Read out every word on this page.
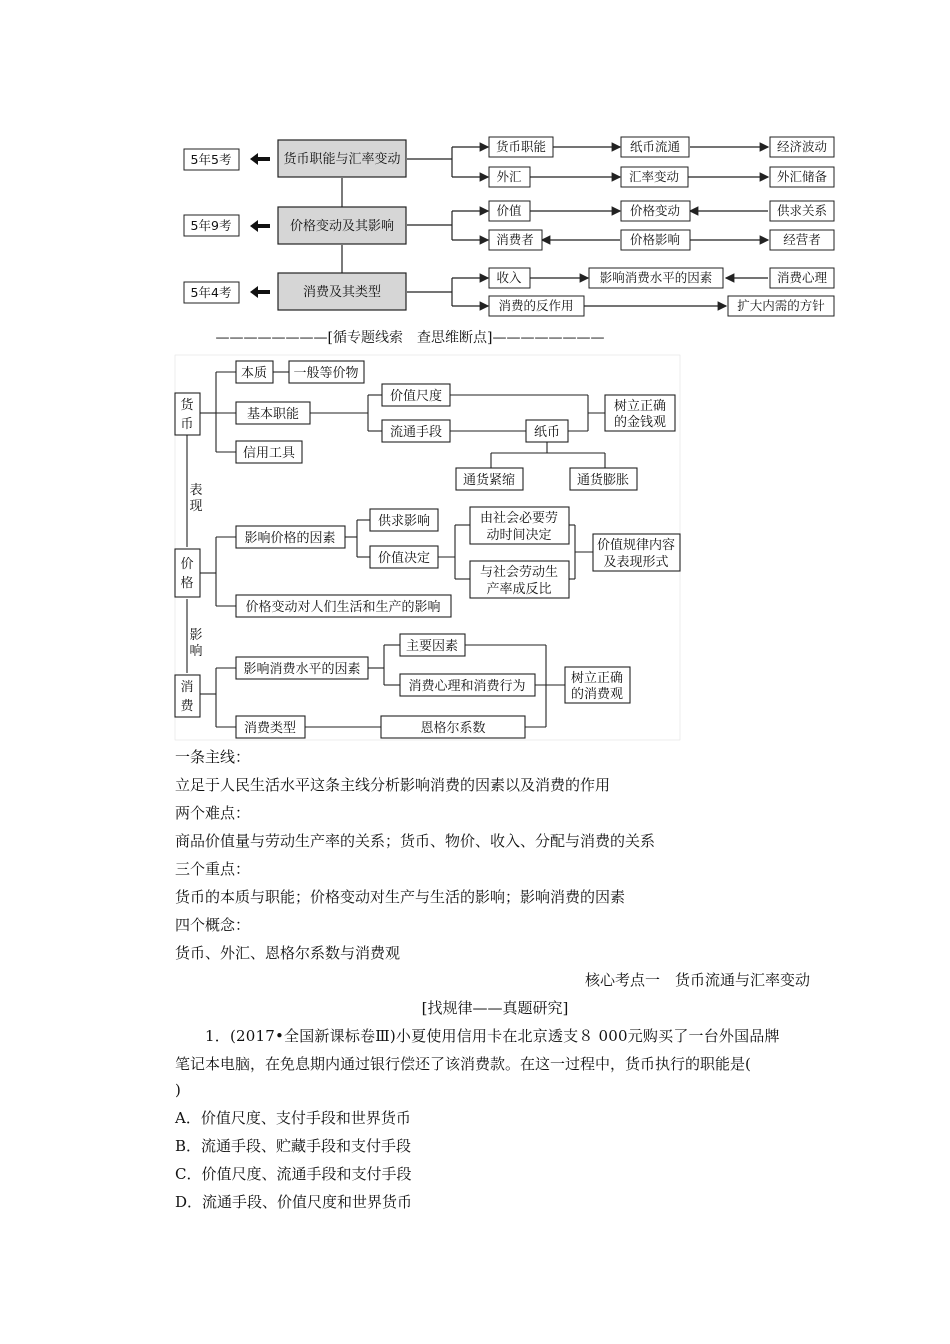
5年5考
5年9考
5年4考
货币职能与汇率变动
价格变动及其影响
消费及其类型
货币职能	纸币流通	经济波动
外汇	汇率变动	外汇储备
价值	价格变动	供求关系
消费者	价格影响	经营者
收入	影响消费水平的因素	消费心理
消费的反作用	扩大内需的方针
————————[循专题线索　查思维断点]————————
货
币
本质 一般等价物
基本职能
信用工具
价值尺度
流通手段	纸币
通货紧缩	通货膨胀
树立正确
的金钱观
表
现
价
格
影响价格的因素
供求影响
价值决定
由社会必要劳
动时间决定
与社会劳动生
产率成反比
价值规律内容
及表现形式
价格变动对人们生活和生产的影响
影
响
消
费
影响消费水平的因素
主要因素
消费心理和消费行为
树立正确
的消费观
消费类型	恩格尔系数
一条主线：
立足于人民生活水平这条主线分析影响消费的因素以及消费的作用
两个难点：
商品价值量与劳动生产率的关系；货币、物价、收入、分配与消费的关系
三个重点：
货币的本质与职能；价格变动对生产与生活的影响；影响消费的因素
四个概念：
货币、外汇、恩格尔系数与消费观
核心考点一　货币流通与汇率变动
[找规律——真题研究]
1．(2017•全国新课标卷Ⅲ)小夏使用信用卡在北京透支８ 000元购买了一台外国品牌
笔记本电脑，在免息期内通过银行偿还了该消费款。在这一过程中，货币执行的职能是(
)
A．价值尺度、支付手段和世界货币
B．流通手段、贮藏手段和支付手段
C．价值尺度、流通手段和支付手段
D．流通手段、价值尺度和世界货币
